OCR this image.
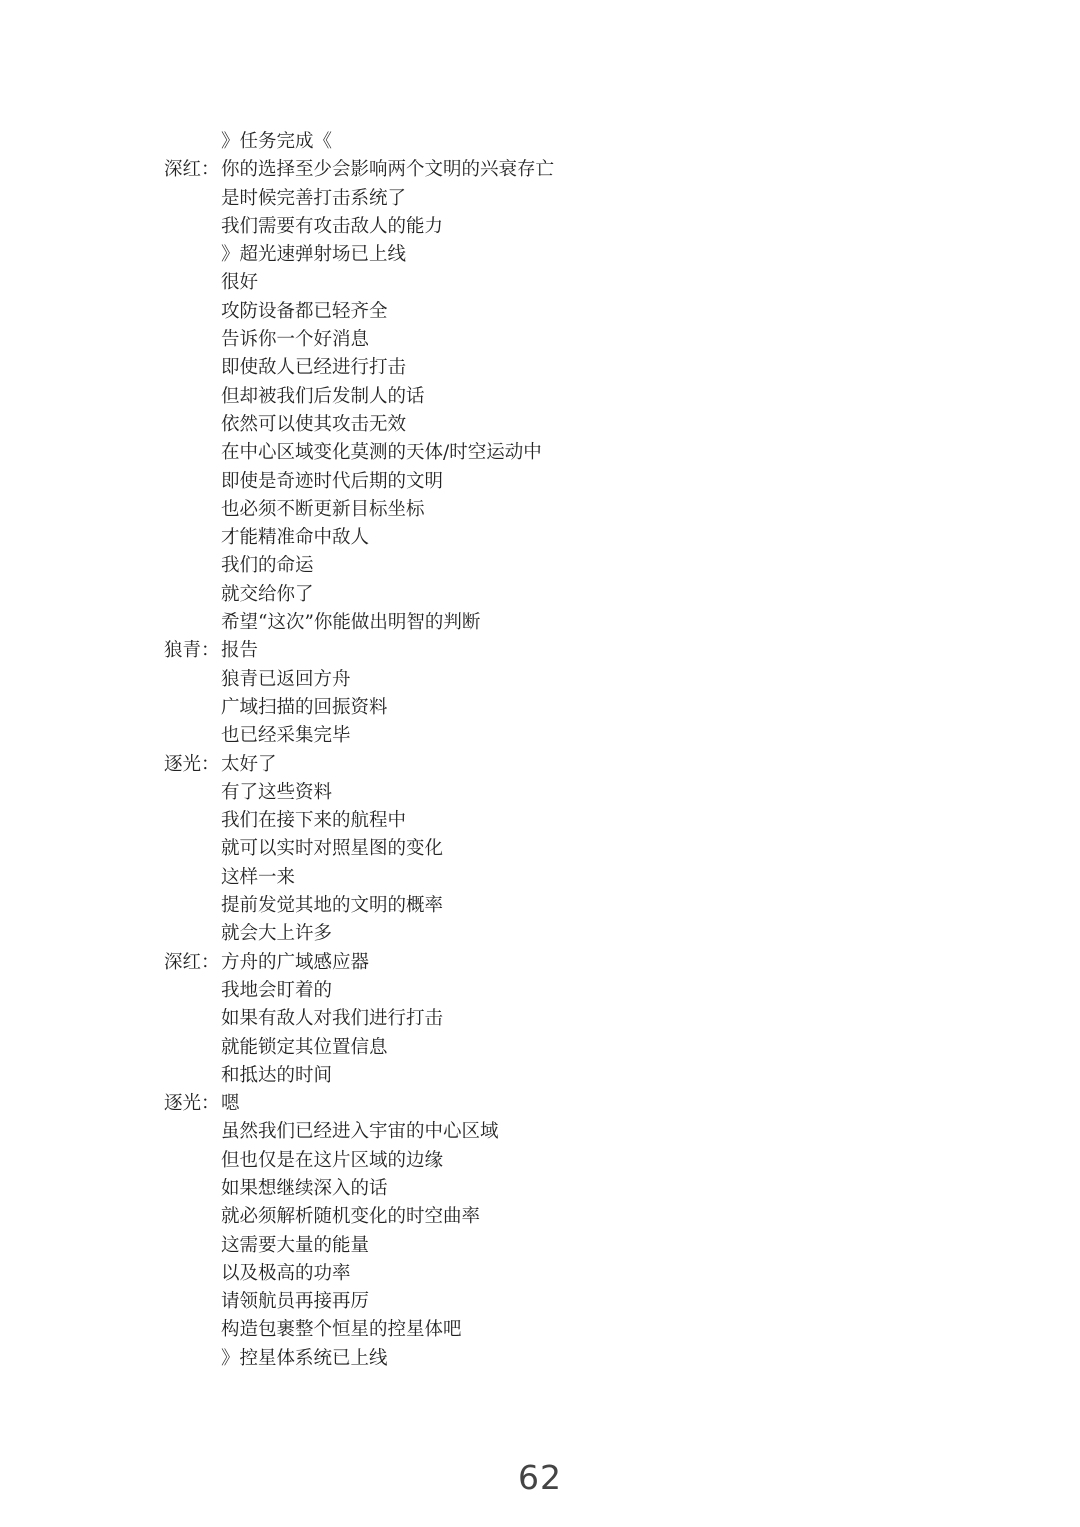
》任务完成《
深红： 你的选择至少会影响两个文明的兴衰存亡
是时候完善打击系统了
我们需要有攻击敌人的能力
》超光速弹射场已上线
很好
攻防设备都已轻齐全
告诉你一个好消息
即使敌人已经进行打击
但却被我们后发制人的话
依然可以使其攻击无效
在中心区域变化莫测的天体/时空运动中
即使是奇迹时代后期的文明
也必须不断更新目标坐标
才能精准命中敌人
我们的命运
就交给你了
希望“这次”你能做出明智的判断
狼青： 报告
狼青已返回方舟
广域扫描的回振资料
也已经采集完毕
逐光： 太好了
有了这些资料
我们在接下来的航程中
就可以实时对照星图的变化
这样一来
提前发觉其地的文明的概率
就会大上许多
深红： 方舟的广域感应器
我地会盯着的
如果有敌人对我们进行打击
就能锁定其位置信息
和抵达的时间
逐光： 嗯
虽然我们已经进入宇宙的中心区域
但也仅是在这片区域的边缘
如果想继续深入的话
就必须解析随机变化的时空曲率
这需要大量的能量
以及极高的功率
请领航员再接再厉
构造包裹整个恒星的控星体吧
》控星体系统已上线
62
